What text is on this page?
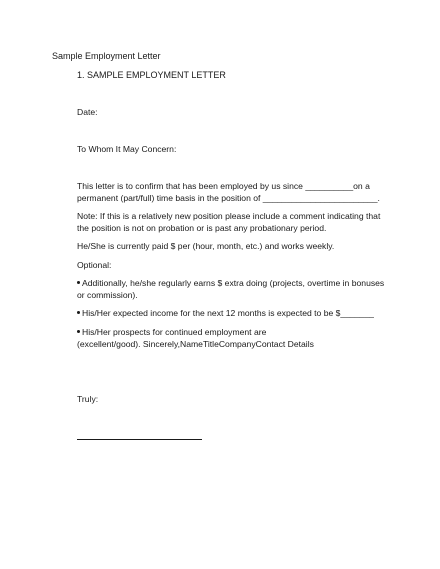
Sample Employment Letter
1. SAMPLE EMPLOYMENT LETTER
Date:
To Whom It May Concern:
This letter is to confirm that has been employed by us since __________on a
permanent (part/full) time basis in the position of ________________________.
Note: If this is a relatively new position please include a comment indicating that
the position is not on probation or is past any probationary period.
He/She is currently paid $ per (hour, month, etc.) and works weekly.
Optional:
Additionally, he/she regularly earns $ extra doing (projects, overtime in bonuses
or commission).
His/Her expected income for the next 12 months is expected to be $_______
His/Her prospects for continued employment are
(excellent/good). Sincerely,NameTitleCompanyContact Details
Truly:
